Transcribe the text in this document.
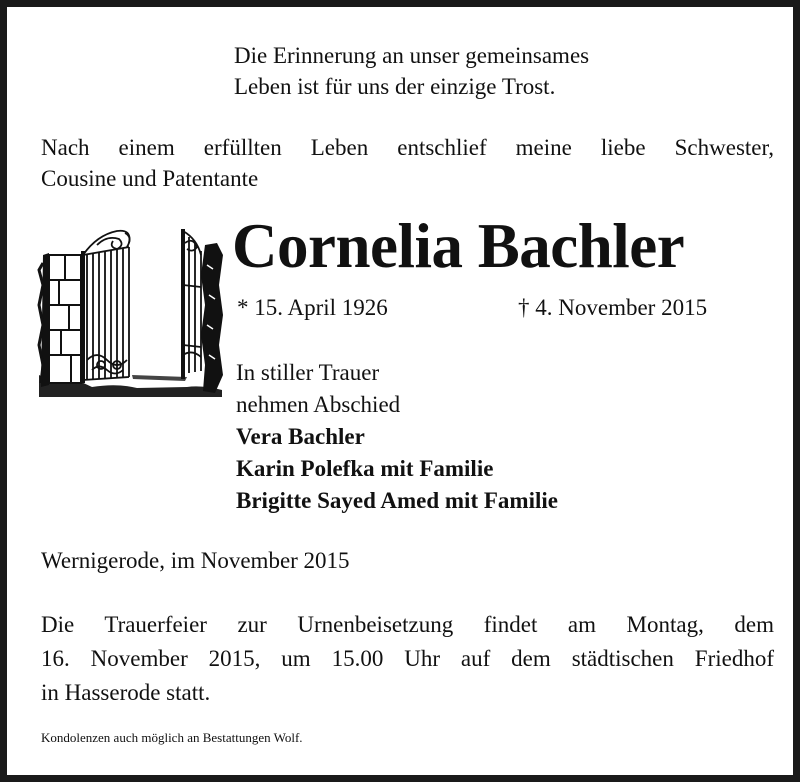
Die Erinnerung an unser gemeinsames
Leben ist für uns der einzige Trost.
Nach einem erfüllten Leben entschlief meine liebe Schwester,
Cousine und Patentante
Cornelia Bachler
* 15. April 1926	† 4. November 2015
In stiller Trauer
nehmen Abschied
Vera Bachler
Karin Polefka mit Familie
Brigitte Sayed Amed mit Familie
Wernigerode, im November 2015
Die Trauerfeier zur Urnenbeisetzung findet am Montag, dem
16. November 2015, um 15.00 Uhr auf dem städtischen Friedhof
in Hasserode statt.
Kondolenzen auch möglich an Bestattungen Wolf.
